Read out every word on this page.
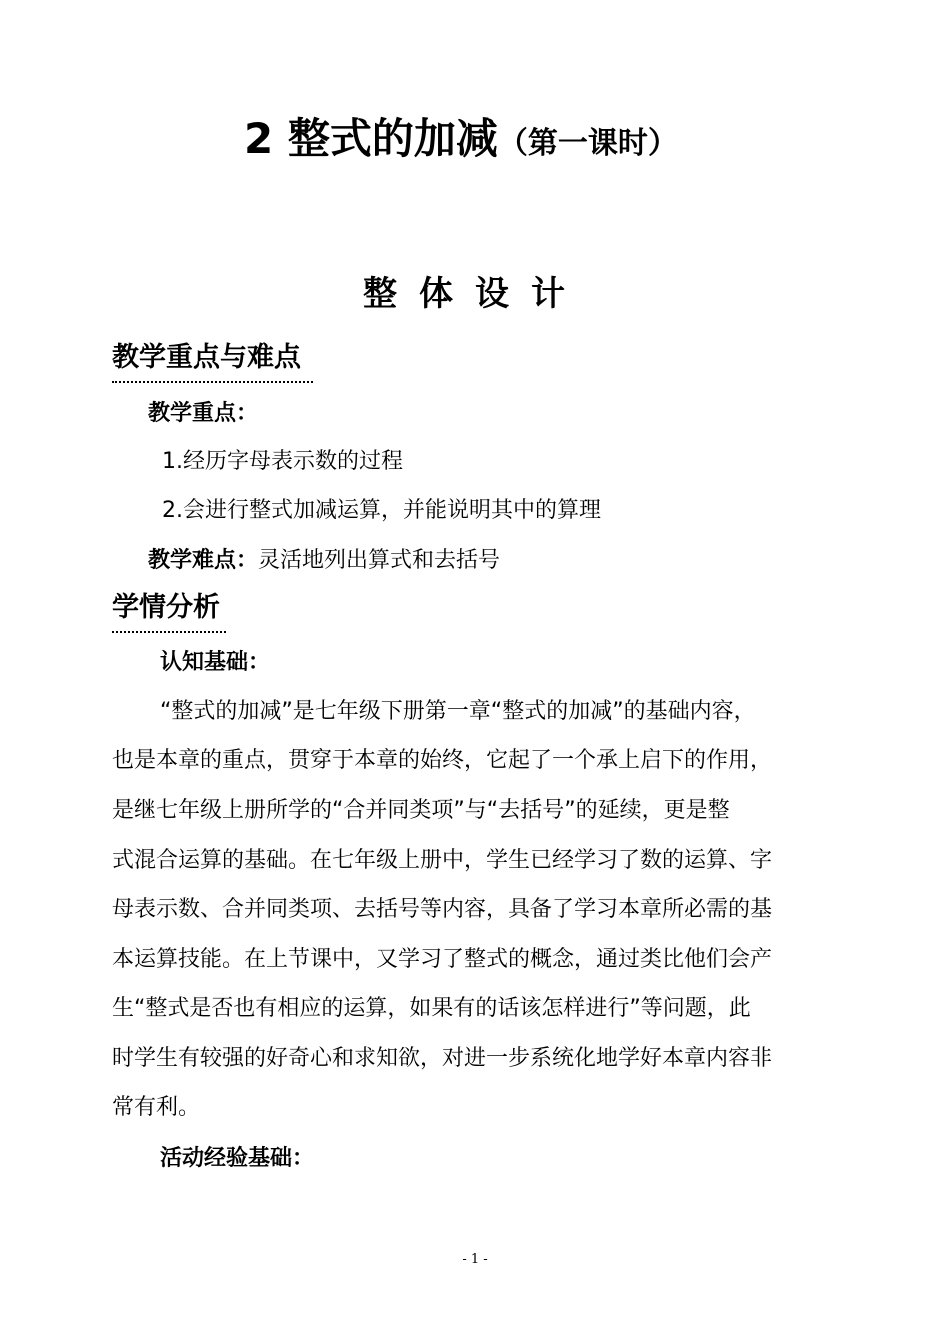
2 整式的加减（第一课时）
整体设计
教学重点与难点
教学重点：
1.经历字母表示数的过程
2.会进行整式加减运算，并能说明其中的算理
教学难点：灵活地列出算式和去括号
学情分析
认知基础：
“整式的加减”是七年级下册第一章“整式的加减”的基础内容，
也是本章的重点，贯穿于本章的始终，它起了一个承上启下的作用，
是继七年级上册所学的“合并同类项”与“去括号”的延续，更是整
式混合运算的基础。在七年级上册中，学生已经学习了数的运算、字
母表示数、合并同类项、去括号等内容，具备了学习本章所必需的基
本运算技能。在上节课中，又学习了整式的概念，通过类比他们会产
生“整式是否也有相应的运算，如果有的话该怎样进行”等问题，此
时学生有较强的好奇心和求知欲，对进一步系统化地学好本章内容非
常有利。
活动经验基础：
- 1 -
